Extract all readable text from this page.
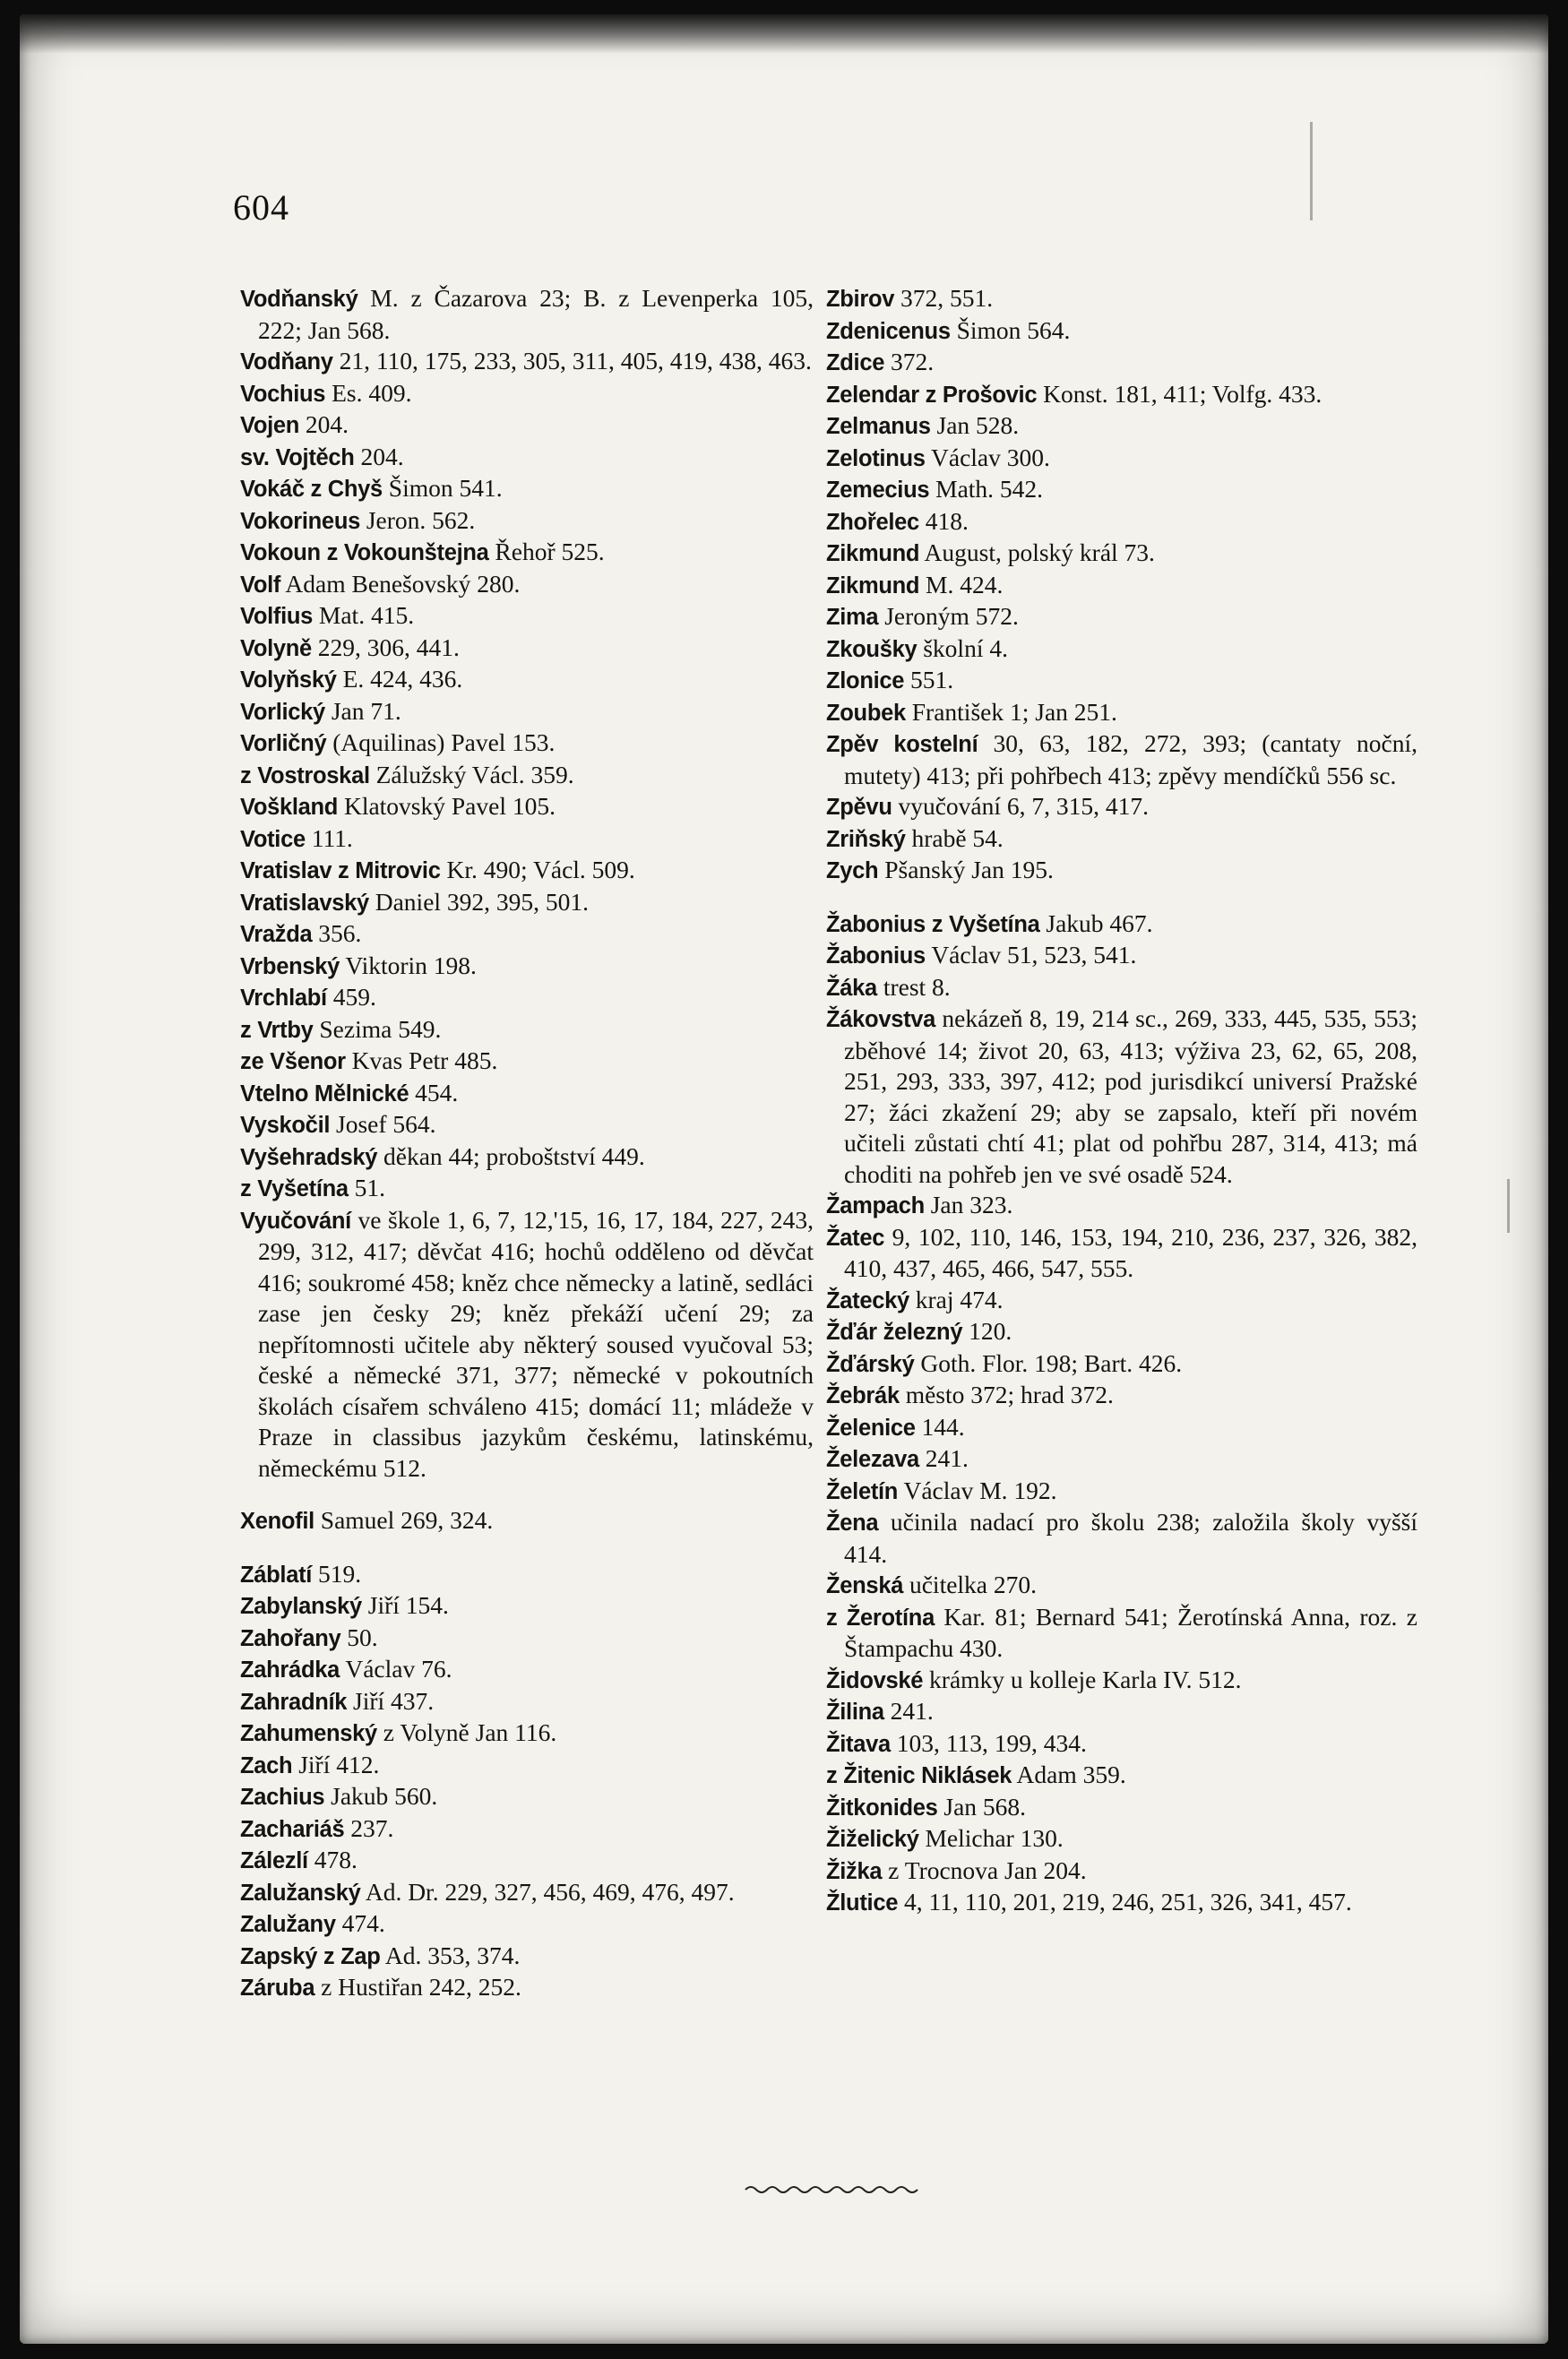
604

Vodňanský M. z Čazarova 23; B. z Levenperka 105, 222; Jan 568.

Vodňany 21, 110, 175, 233, 305, 311, 405, 419, 438, 463.

Vochius Es. 409.

Vojen 204.

sv. Vojtěch 204.

Vokáč z Chyš Šimon 541.

Vokorineus Jeron. 562.

Vokoun z Vokounštejna Řehoř 525.

Volf Adam Benešovský 280.

Volfius Mat. 415.

Volyně 229, 306, 441.

Volyňský E. 424, 436.

Vorlický Jan 71.

Vorličný (Aquilinas) Pavel 153.

z Vostroskal Zálužský Václ. 359.

Voškland Klatovský Pavel 105.

Votice 111.

Vratislav z Mitrovic Kr. 490; Václ. 509.

Vratislavský Daniel 392, 395, 501.

Vražda 356.

Vrbenský Viktorin 198.

Vrchlabí 459.

z Vrtby Sezima 549.

ze Všenor Kvas Petr 485.

Vtelno Mělnické 454.

Vyskočil Josef 564.

Vyšehradský děkan 44; proboštství 449.

z Vyšetína 51.

Vyučování ve škole 1, 6, 7, 12,'15, 16, 17, 184, 227, 243, 299, 312, 417; děvčat 416; hochů odděleno od děvčat 416; soukromé 458; kněz chce německy a latině, sedláci zase jen česky 29; kněz překáží učení 29; za nepřítomnosti učitele aby některý soused vyučoval 53; české a německé 371, 377; německé v pokoutních školách císařem schváleno 415; domácí 11; mládeže v Praze in classibus jazykům českému, latinskému, německému 512.

Xenofil Samuel 269, 324.

Záblatí 519.

Zabylanský Jiří 154.

Zahořany 50.

Zahrádka Václav 76.

Zahradník Jiří 437.

Zahumenský z Volyně Jan 116.

Zach Jiří 412.

Zachius Jakub 560.

Zachariáš 237.

Zálezlí 478.

Zalužanský Ad. Dr. 229, 327, 456, 469, 476, 497.

Zalužany 474.

Zapský z Zap Ad. 353, 374.

Záruba z Hustiřan 242, 252.

Zbirov 372, 551.

Zdenicenus Šimon 564.

Zdice 372.

Zelendar z Prošovic Konst. 181, 411; Volfg. 433.

Zelmanus Jan 528.

Zelotinus Václav 300.

Zemecius Math. 542.

Zhořelec 418.

Zikmund August, polský král 73.

Zikmund M. 424.

Zima Jeroným 572.

Zkoušky školní 4.

Zlonice 551.

Zoubek František 1; Jan 251.

Zpěv kostelní 30, 63, 182, 272, 393; (cantaty noční, mutety) 413; při pohřbech 413; zpěvy mendíčků 556 sc.

Zpěvu vyučování 6, 7, 315, 417.

Zriňský hrabě 54.

Zych Pšanský Jan 195.

Žabonius z Vyšetína Jakub 467.

Žabonius Václav 51, 523, 541.

Žáka trest 8.

Žákovstva nekázeň 8, 19, 214 sc., 269, 333, 445, 535, 553; zběhové 14; život 20, 63, 413; výživa 23, 62, 65, 208, 251, 293, 333, 397, 412; pod jurisdikcí universí Pražské 27; žáci zkažení 29; aby se zapsalo, kteří při novém učiteli zůstati chtí 41; plat od pohřbu 287, 314, 413; má choditi na pohřeb jen ve své osadě 524.

Žampach Jan 323.

Žatec 9, 102, 110, 146, 153, 194, 210, 236, 237, 326, 382, 410, 437, 465, 466, 547, 555.

Žatecký kraj 474.

Žďár železný 120.

Žďárský Goth. Flor. 198; Bart. 426.

Žebrák město 372; hrad 372.

Želenice 144.

Železava 241.

Želetín Václav M. 192.

Žena učinila nadací pro školu 238; založila školy vyšší 414.

Ženská učitelka 270.

z Žerotína Kar. 81; Bernard 541; Žerotínská Anna, roz. z Štampachu 430.

Židovské krámky u kolleje Karla IV. 512.

Žilina 241.

Žitava 103, 113, 199, 434.

z Žitenic Niklásek Adam 359.

Žitkonides Jan 568.

Žiželický Melichar 130.

Žižka z Trocnova Jan 204.

Žlutice 4, 11, 110, 201, 219, 246, 251, 326, 341, 457.
